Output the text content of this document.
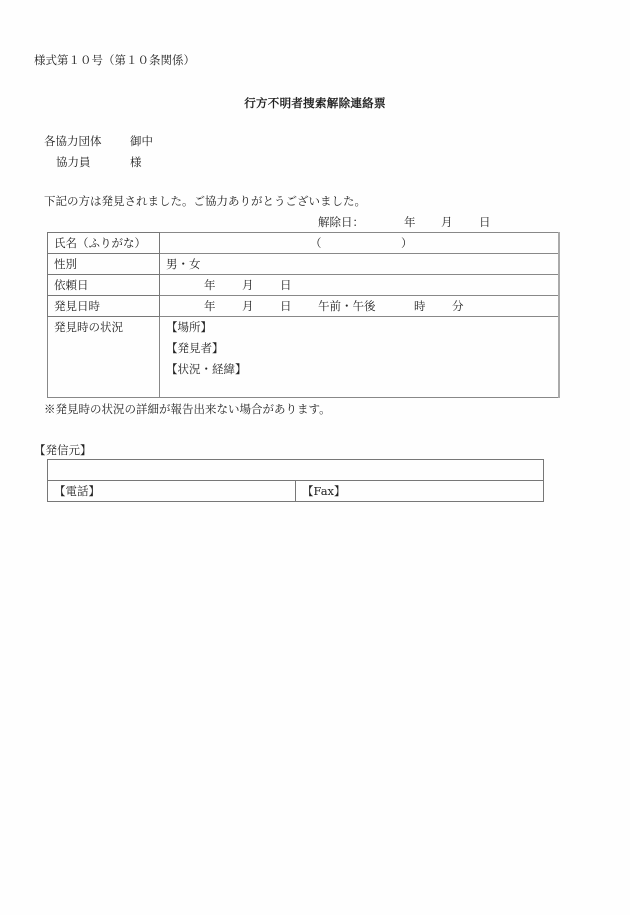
様式第１０号（第１０条関係）
行方不明者捜索解除連絡票
各協力団体	御中
協力員	様
下記の方は発見されました。ご協力ありがとうございました。
解除日：	年	月	日
氏名（ふりがな）	（ ）
性別	男・女
依頼日	年 月 日
発見日時	年 月 日 午前・午後 時 分
発見時の状況	【場所】
【発見者】
【状況・経緯】
※発見時の状況の詳細が報告出来ない場合があります。
【発信元】

【電話】	【Fax】
